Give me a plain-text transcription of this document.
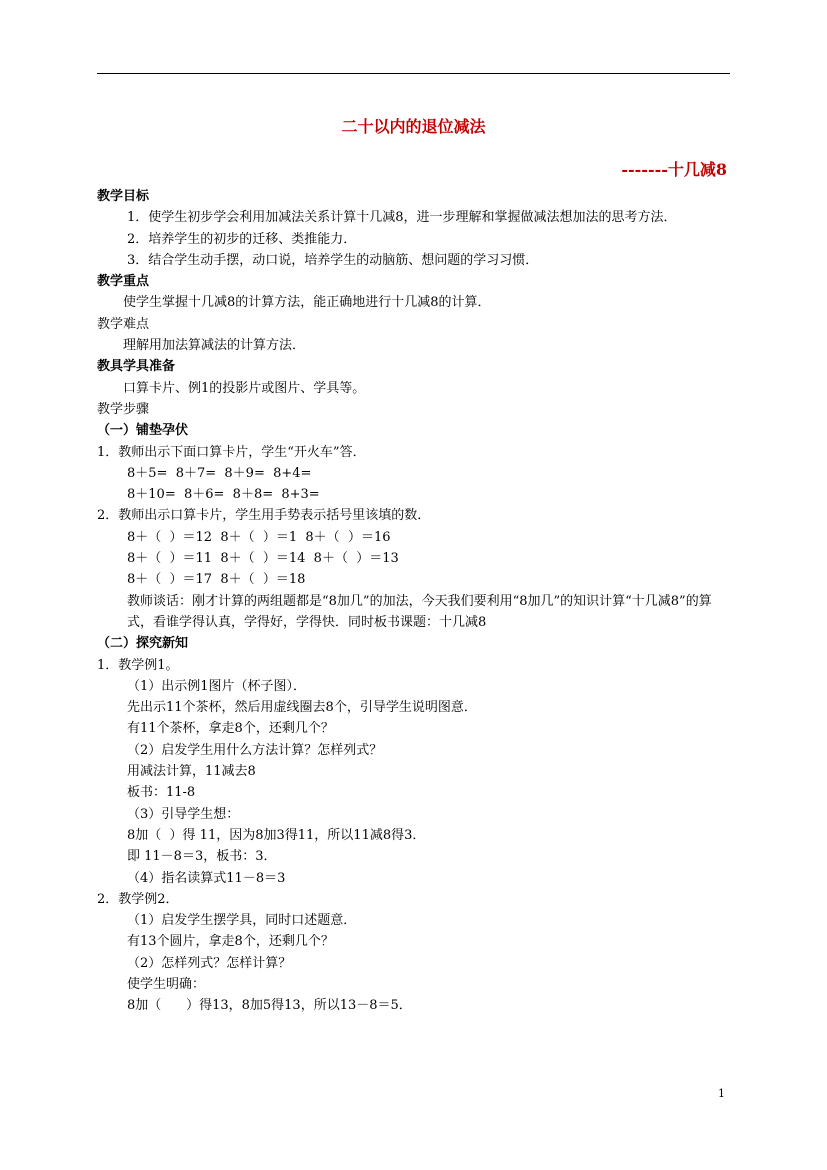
二十以内的退位减法
-------十几减8
教学目标
1．使学生初步学会利用加减法关系计算十几减8，进一步理解和掌握做减法想加法的思考方法．
2．培养学生的初步的迁移、类推能力．
3．结合学生动手摆，动口说，培养学生的动脑筋、想问题的学习习惯．
教学重点
使学生掌握十几减8的计算方法，能正确地进行十几减8的计算．
教学难点
理解用加法算减法的计算方法．
教具学具准备
口算卡片、例1的投影片或图片、学具等。
教学步骤
（一）铺垫孕伏
1．教师出示下面口算卡片，学生“开火车”答．
8＋5=  8＋7=  8＋9=  8+4=
8＋10=  8＋6=  8＋8=  8+3=
2．教师出示口算卡片，学生用手势表示括号里该填的数．
8＋（  ）＝12  8＋（  ）＝1  8＋（  ）＝16
8＋（  ）＝11  8＋（  ）＝14  8＋（  ）＝13
8＋（  ）＝17  8＋（  ）＝18
教师谈话：刚才计算的两组题都是“8加几”的加法，今天我们要利用“8加几”的知识计算“十几减8”的算式，看谁学得认真，学得好，学得快．同时板书课题：十几减8
（二）探究新知
1．教学例1。
（1）出示例1图片（杯子图）．
先出示11个茶杯，然后用虚线圈去8个，引导学生说明图意．
有11个茶杯，拿走8个，还剩几个？
（2）启发学生用什么方法计算？怎样列式？
用减法计算，11减去8
板书：11-8
（3）引导学生想：
8加（  ）得 11，因为8加3得11，所以11减8得3．
即 11－8＝3，板书：3．
（4）指名读算式11－8＝3
2．教学例2．
（1）启发学生摆学具，同时口述题意．
有13个圆片，拿走8个，还剩几个？
（2）怎样列式？怎样计算？
使学生明确：
8加（      ）得13，8加5得13，所以13－8＝5．
1
